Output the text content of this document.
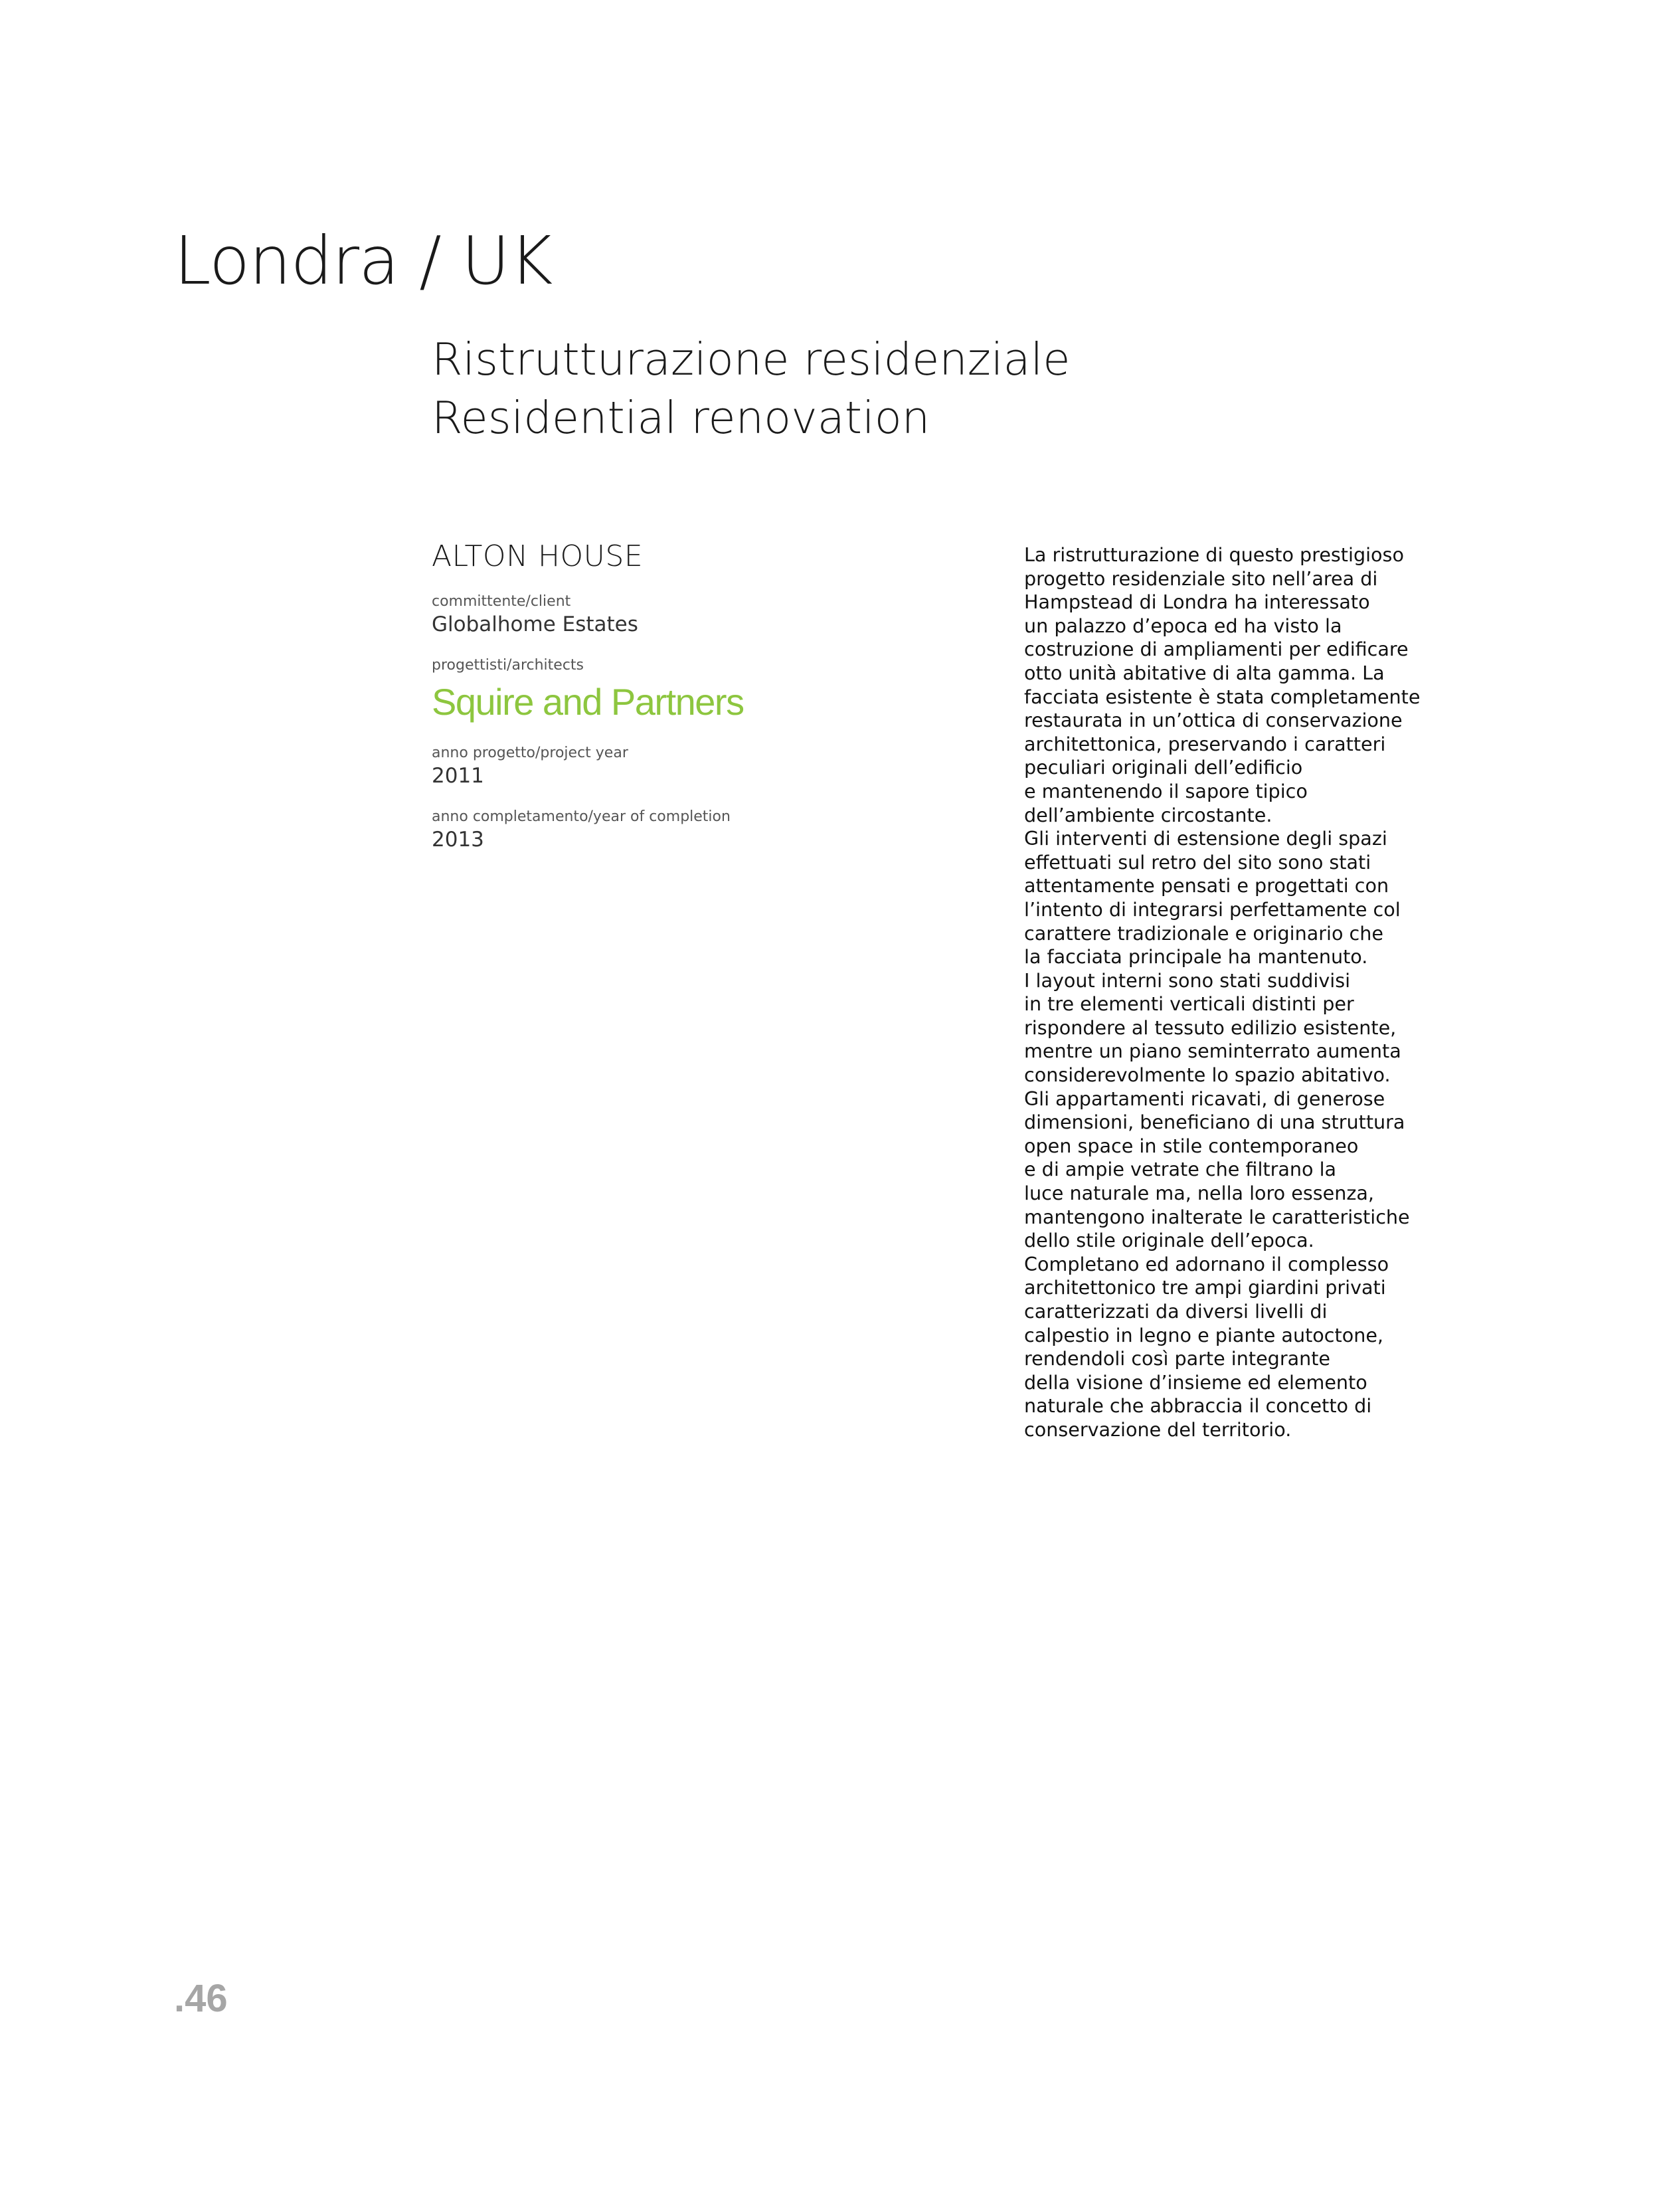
Londra / UK
Ristrutturazione residenziale
Residential renovation
ALTON HOUSE
committente/client
Globalhome Estates
progettisti/architects
Squire and Partners
anno progetto/project year
2011
anno completamento/year of completion
2013

La ristrutturazione di questo prestigioso
progetto residenziale sito nell’area di
Hampstead di Londra ha interessato
un palazzo d’epoca ed ha visto la
costruzione di ampliamenti per edificare
otto unità abitative di alta gamma. La
facciata esistente è stata completamente
restaurata in un’ottica di conservazione
architettonica, preservando i caratteri
peculiari originali dell’edificio
e mantenendo il sapore tipico
dell’ambiente circostante.
Gli interventi di estensione degli spazi
effettuati sul retro del sito sono stati
attentamente pensati e progettati con
l’intento di integrarsi perfettamente col
carattere tradizionale e originario che
la facciata principale ha mantenuto.
I layout interni sono stati suddivisi
in tre elementi verticali distinti per
rispondere al tessuto edilizio esistente,
mentre un piano seminterrato aumenta
considerevolmente lo spazio abitativo.
Gli appartamenti ricavati, di generose
dimensioni, beneficiano di una struttura
open space in stile contemporaneo
e di ampie vetrate che filtrano la
luce naturale ma, nella loro essenza,
mantengono inalterate le caratteristiche
dello stile originale dell’epoca.
Completano ed adornano il complesso
architettonico tre ampi giardini privati
caratterizzati da diversi livelli di
calpestio in legno e piante autoctone,
rendendoli così parte integrante
della visione d’insieme ed elemento
naturale che abbraccia il concetto di
conservazione del territorio.

.46
